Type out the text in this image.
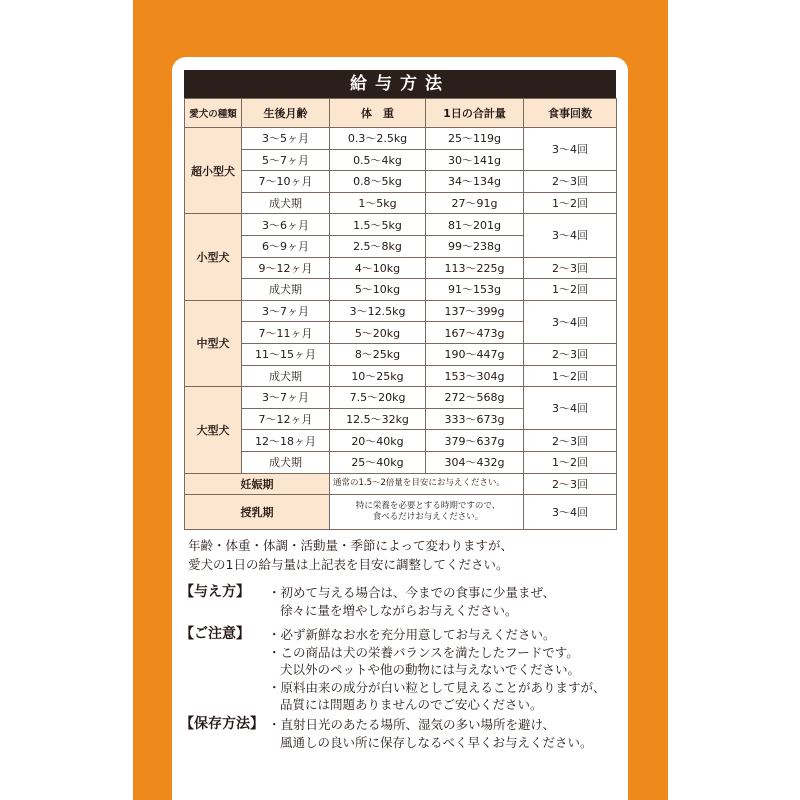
給与方法
愛犬の種類	生後月齢	体　重	1日の合計量	食事回数
超小型犬	3〜5ヶ月	0.3〜2.5kg	25〜119g	3〜4回
	5〜7ヶ月	0.5〜4kg	30〜141g	
	7〜10ヶ月	0.8〜5kg	34〜134g	2〜3回
	成犬期	1〜5kg	27〜91g	1〜2回
小型犬	3〜6ヶ月	1.5〜5kg	81〜201g	3〜4回
	6〜9ヶ月	2.5〜8kg	99〜238g	
	9〜12ヶ月	4〜10kg	113〜225g	2〜3回
	成犬期	5〜10kg	91〜153g	1〜2回
中型犬	3〜7ヶ月	3〜12.5kg	137〜399g	3〜4回
	7〜11ヶ月	5〜20kg	167〜473g	
	11〜15ヶ月	8〜25kg	190〜447g	2〜3回
	成犬期	10〜25kg	153〜304g	1〜2回
大型犬	3〜7ヶ月	7.5〜20kg	272〜568g	3〜4回
	7〜12ヶ月	12.5〜32kg	333〜673g	
	12〜18ヶ月	20〜40kg	379〜637g	2〜3回
	成犬期	25〜40kg	304〜432g	1〜2回
妊娠期		通常の1.5〜2倍量を目安にお与えください。		2〜3回
授乳期		特に栄養を必要とする時期ですので、
食べるだけお与えください。		3〜4回
年齢・体重・体調・活動量・季節によって変わりますが、
愛犬の1日の給与量は上記表を目安に調整してください。
【与え方】 ・初めて与える場合は、今までの食事に少量まぜ、
徐々に量を増やしながらお与えください。
【ご注意】 ・必ず新鮮なお水を充分用意してお与えください。
・この商品は犬の栄養バランスを満たしたフードです。
犬以外のペットや他の動物には与えないでください。
・原料由来の成分が白い粒として見えることがありますが、
品質には問題ありませんのでご安心ください。
【保存方法】 ・直射日光のあたる場所、湿気の多い場所を避け、
風通しの良い所に保存しなるべく早くお与えください。
